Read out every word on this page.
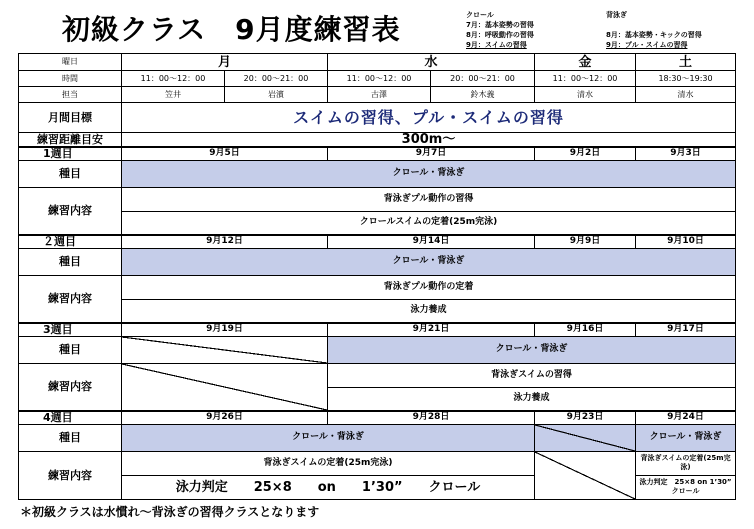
初級クラス　9月度練習表	クロール
7月：基本姿勢の習得
8月：呼吸動作の習得
9月：スイムの習得
背泳ぎ

8月：基本姿勢・キックの習得
9月：プル・スイムの習得
曜日	月		水		金	土
時間	11：00～12：00	20：00～21：00	11：00～12：00	20：00～21：00	11：00～12：00	18:30～19:30
担当	笠井	岩濱	古澤	鈴木義	清水	清水
月間目標	スイムの習得、プル・スイムの習得					
練習距離目安	300m～					
1週目	9月5日		9月7日		9月2日	9月3日
種目	クロール・背泳ぎ					
練習内容	背泳ぎプル動作の習得					
	クロールスイムの定着(25m完泳)					
２週目	9月12日		9月14日		9月9日	9月10日
種目	クロール・背泳ぎ					
練習内容	背泳ぎプル動作の定着					
	泳力養成					
3週目	9月19日		9月21日		9月16日	9月17日
種目			クロール・背泳ぎ			
練習内容			背泳ぎスイムの習得			
			泳力養成			
4週目	9月26日		9月28日		9月23日	9月24日
種目	クロール・背泳ぎ					クロール・背泳ぎ
練習内容	背泳ぎスイムの定着(25m完泳)					背泳ぎスイムの定着(25m完泳)
	泳力判定　　25×8　　on　　1’30”　　クロール					泳力判定　25×8 on 1’30”　クロール
＊初級クラスは水慣れ～背泳ぎの習得クラスとなります
